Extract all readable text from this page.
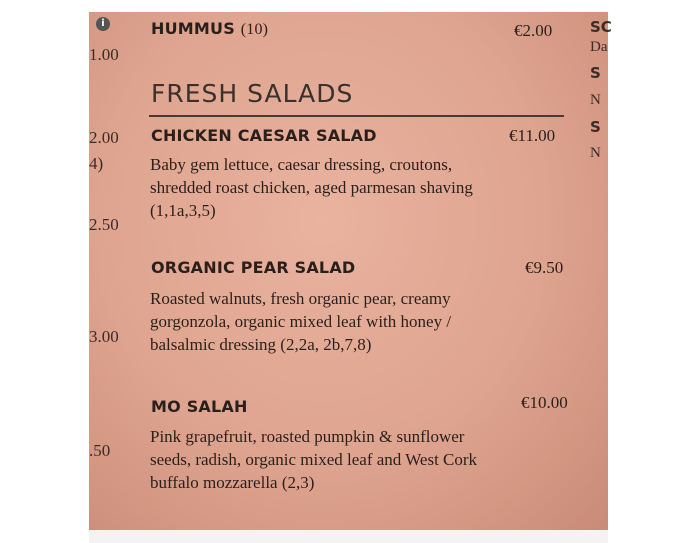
HUMMUS (10)	€2.00
FRESH SALADS
CHICKEN CAESAR SALAD	€11.00
Baby gem lettuce, caesar dressing, croutons,
shredded roast chicken, aged parmesan shaving
(1,1a,3,5)
ORGANIC PEAR SALAD	€9.50
Roasted walnuts, fresh organic pear, creamy
gorgonzola, organic mixed leaf with honey /
balsalmic dressing (2,2a, 2b,7,8)
MO SALAH	€10.00
Pink grapefruit, roasted pumpkin & sunflower
seeds, radish, organic mixed leaf and West Cork
buffalo mozzarella (2,3)
1.00
2.00
4)
2.50
3.00
.50
SC
Da
S
N
S
N
i
